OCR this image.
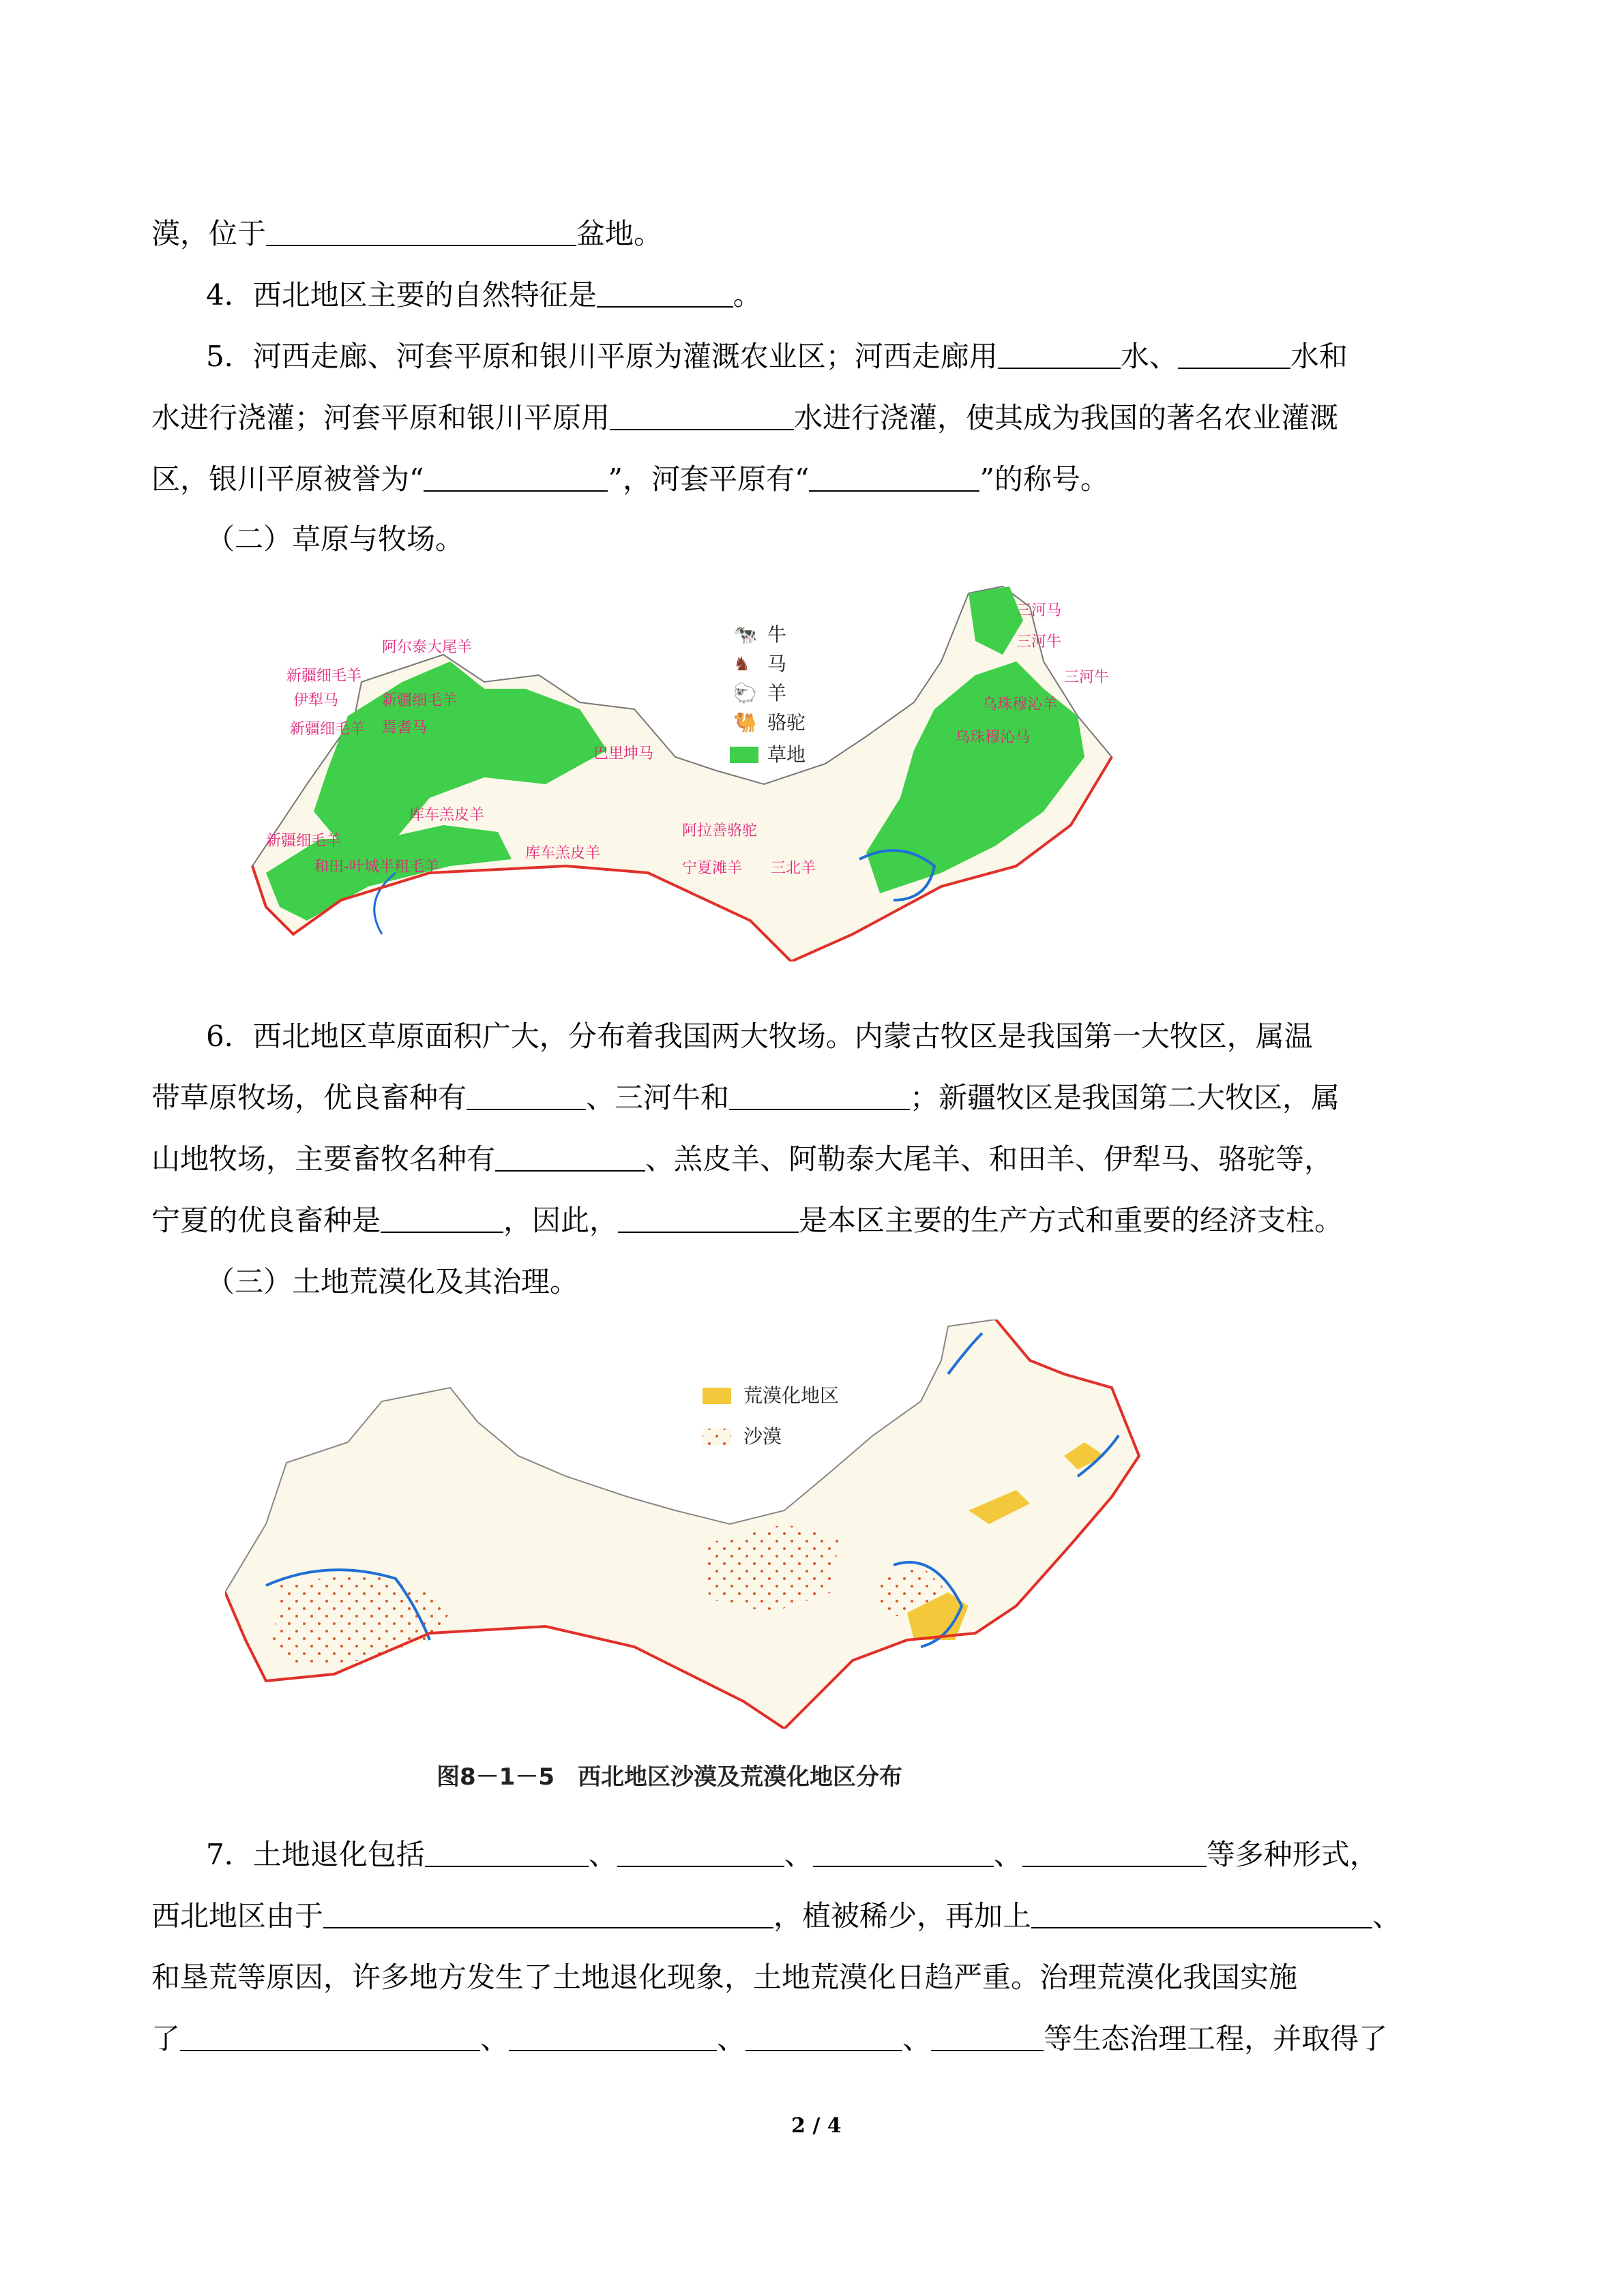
漠，位于	盆地。
4．西北地区主要的自然特征是	。
5．河西走廊、河套平原和银川平原为灌溉农业区；河西走廊用	水、	水和
水进行浇灌；河套平原和银川平原用	水进行浇灌，使其成为我国的著名农业灌溉
区，银川平原被誉为“	”，河套平原有“	”的称号。
（二）草原与牧场。
🐄 牛
♞ 马
🐑 羊
🐫 骆驼
草地
三河马
三河牛
三河牛
乌珠穆沁羊
乌珠穆沁马
阿尔泰大尾羊
新疆细毛羊
伊犁马	新疆细毛羊
新疆细毛羊 焉耆马
巴里坤马
库车羔皮羊
新疆细毛羊
和田-叶城半粗毛羊
库车羔皮羊
阿拉善骆驼
宁夏滩羊 三北羊
6．西北地区草原面积广大，分布着我国两大牧场。内蒙古牧区是我国第一大牧区，属温
带草原牧场，优良畜种有	、三河牛和	；新疆牧区是我国第二大牧区，属
山地牧场，主要畜牧名种有	、羔皮羊、阿勒泰大尾羊、和田羊、伊犁马、骆驼等，
宁夏的优良畜种是	，因此，	是本区主要的生产方式和重要的经济支柱。
（三）土地荒漠化及其治理。
荒漠化地区
沙漠
图8－1－5　西北地区沙漠及荒漠化地区分布
7．土地退化包括	、	、	、	等多种形式，
西北地区由于	，植被稀少，再加上	、
和垦荒等原因，许多地方发生了土地退化现象，土地荒漠化日趋严重。治理荒漠化我国实施
了	、	、	、	等生态治理工程，并取得了
2 / 4
